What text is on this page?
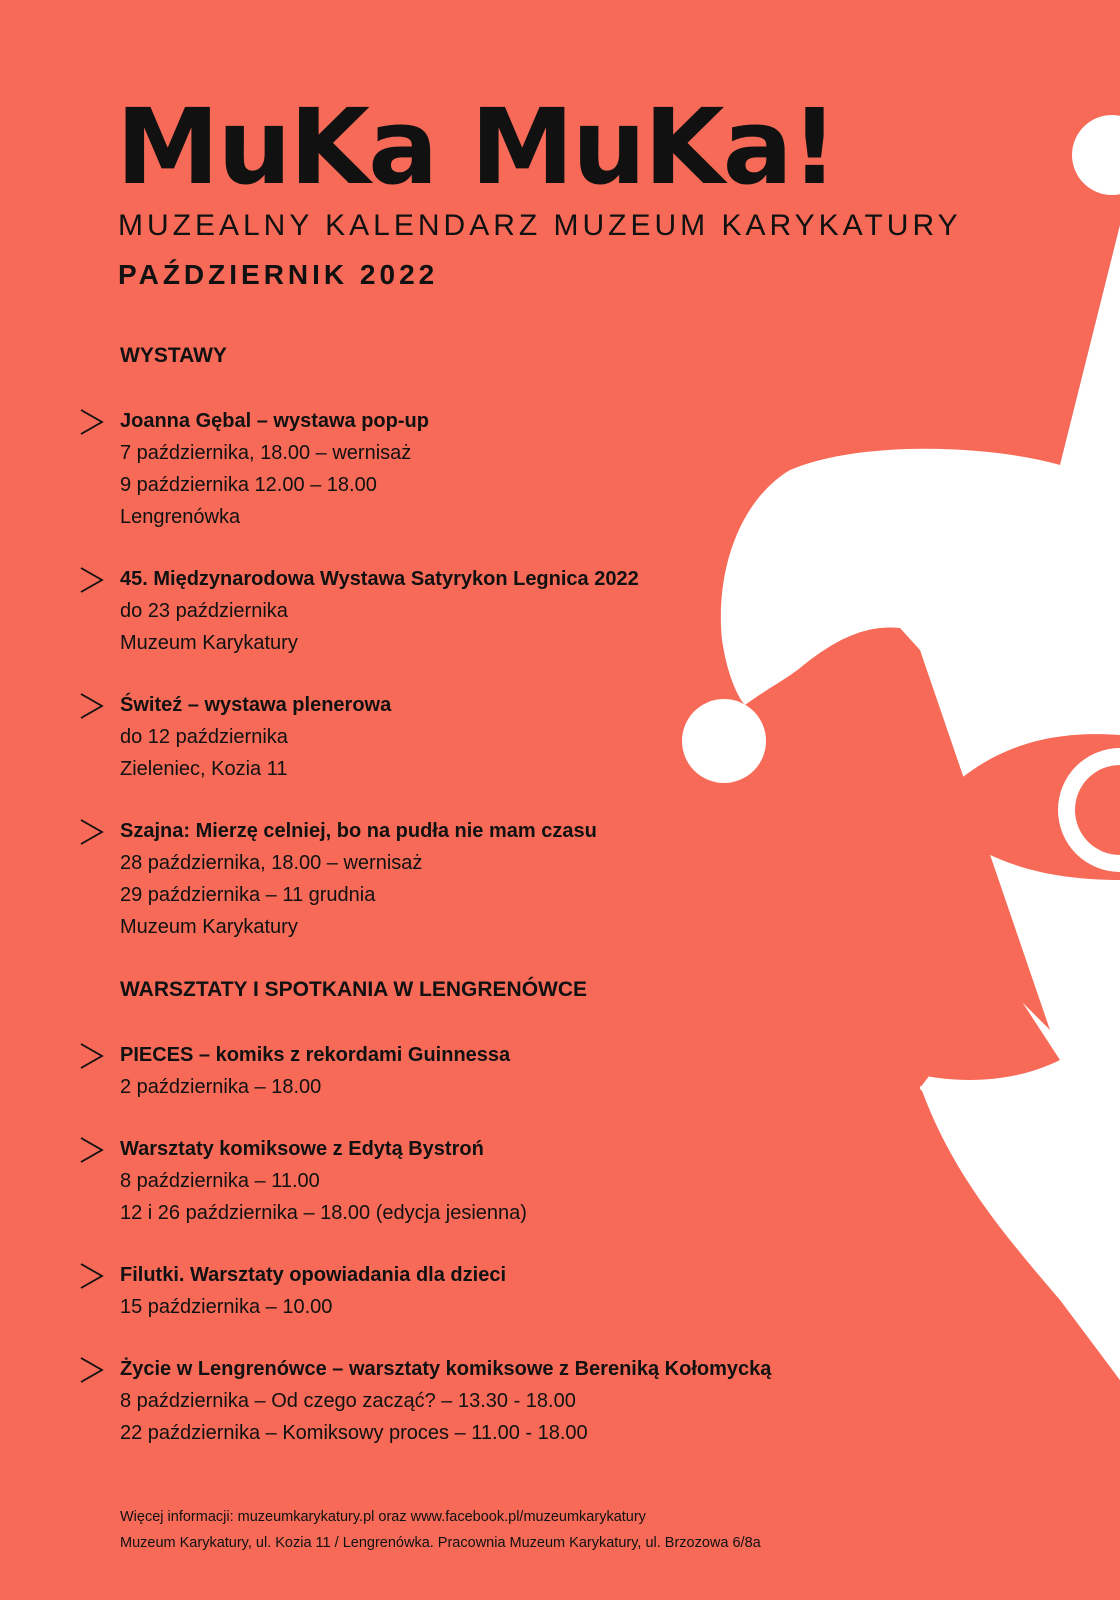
MuKa MuKa!

MUZEALNY KALENDARZ MUZEUM KARYKATURY

PAŹDZIERNIK 2022

WYSTAWY
Joanna Gębal – wystawa pop-up
7 października, 18.00 – wernisaż
9 października 12.00 – 18.00
Lengrenówka
45. Międzynarodowa Wystawa Satyrykon Legnica 2022
do 23 października
Muzeum Karykatury
Świteź – wystawa plenerowa
do 12 października
Zieleniec, Kozia 11
Szajna: Mierzę celniej, bo na pudła nie mam czasu
28 października, 18.00 – wernisaż
29 października – 11 grudnia
Muzeum Karykatury
WARSZTATY I SPOTKANIA W LENGRENÓWCE
PIECES – komiks z rekordami Guinnessa
2 października – 18.00
Warsztaty komiksowe z Edytą Bystroń
8 października – 11.00
12 i 26 października – 18.00 (edycja jesienna)
Filutki. Warsztaty opowiadania dla dzieci
15 października – 10.00
Życie w Lengrenówce – warsztaty komiksowe z Bereniką Kołomycką
8 października – Od czego zacząć? – 13.30 - 18.00
22 października – Komiksowy proces – 11.00 - 18.00
Więcej informacji: muzeumkarykatury.pl oraz www.facebook.pl/muzeumkarykatury
Muzeum Karykatury, ul. Kozia 11 / Lengrenówka. Pracownia Muzeum Karykatury, ul. Brzozowa 6/8a
